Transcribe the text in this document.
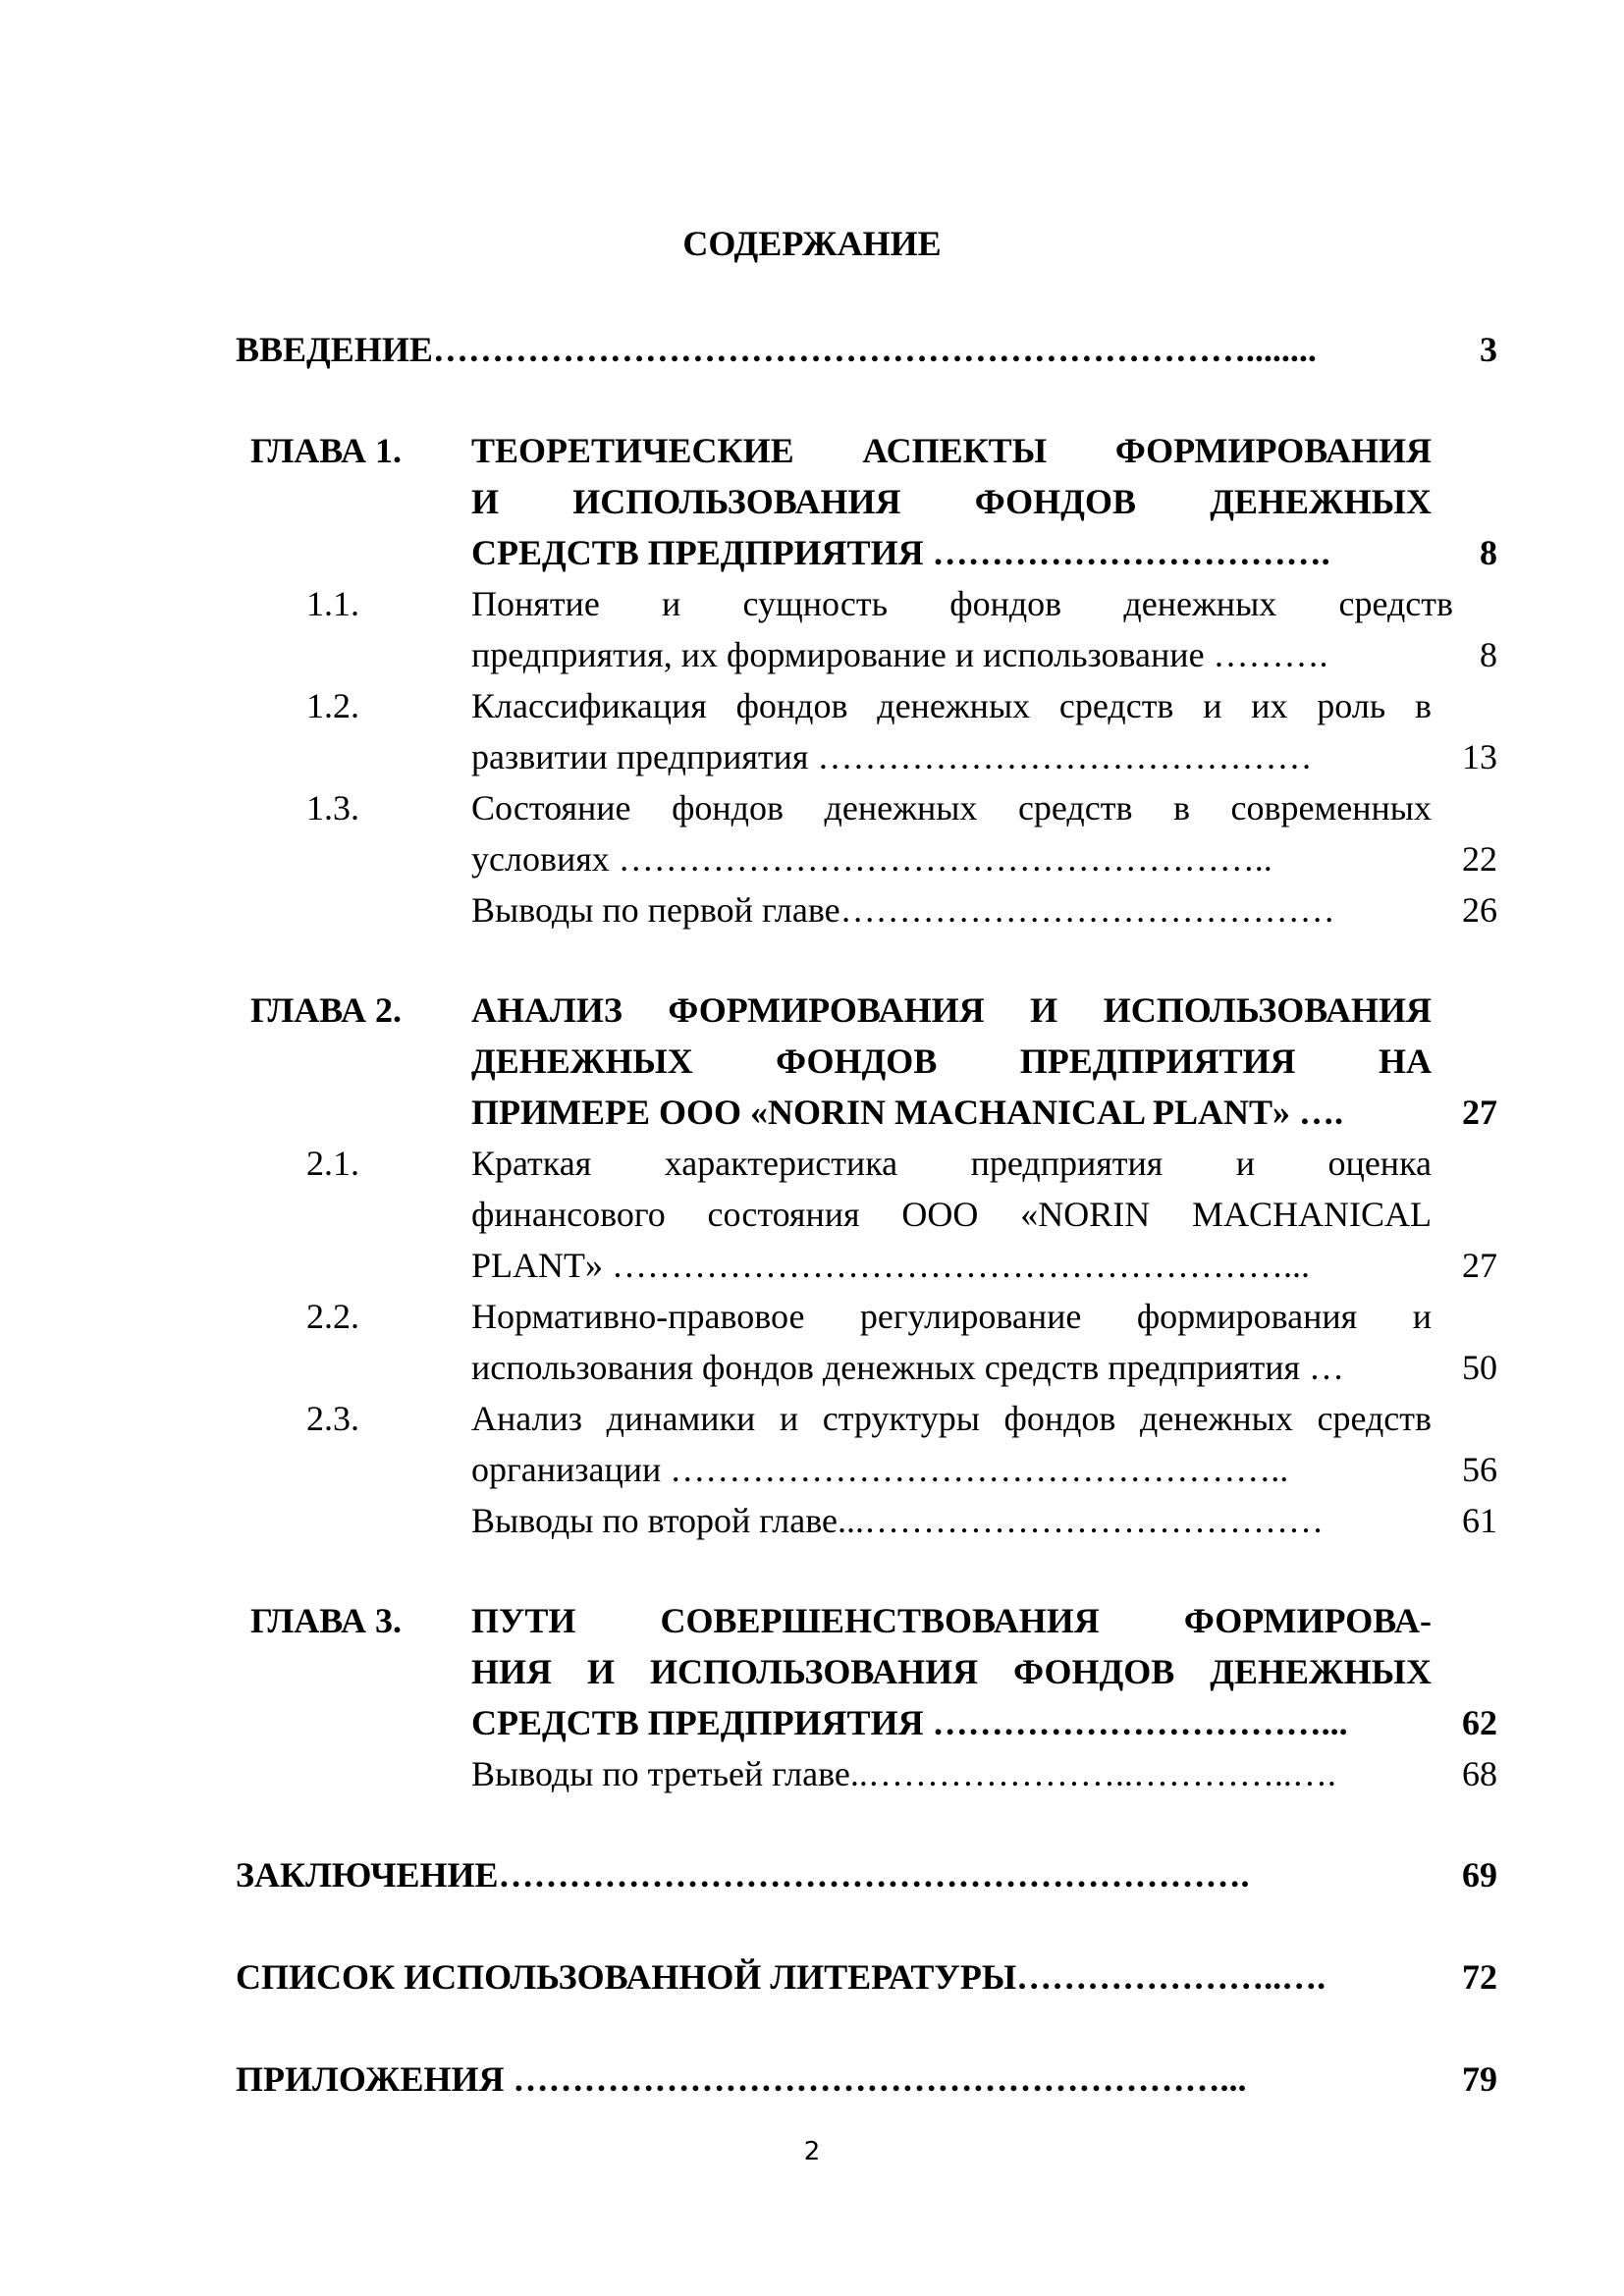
СОДЕРЖАНИЕ
ВВЕДЕНИЕ……………………………………………………………........	3
ГЛАВА 1. ТЕОРЕТИЧЕСКИЕ АСПЕКТЫ ФОРМИРОВАНИЯ
И ИСПОЛЬЗОВАНИЯ ФОНДОВ ДЕНЕЖНЫХ
СРЕДСТВ ПРЕДПРИЯТИЯ …………………………….	8
1.1.	Понятие и сущность фондов денежных средств
предприятия, их формирование и использование ……….	8
1.2.	Классификация фондов денежных средств и их роль в
развитии предприятия ……………………………………	13
1.3.	Состояние фондов денежных средств в современных
условиях ………………………………………………..	22
Выводы по первой главе……………………………………	26
ГЛАВА 2. АНАЛИЗ ФОРМИРОВАНИЯ И ИСПОЛЬЗОВАНИЯ
ДЕНЕЖНЫХ ФОНДОВ ПРЕДПРИЯТИЯ НА
ПРИМЕРЕ ООО «NORIN MACHANICAL PLANT» ….	27
2.1.	Краткая характеристика предприятия и оценка
финансового состояния ООО «NORIN MACHANICAL
PLANT» …………………………………………………...	27
2.2.	Нормативно-правовое регулирование формирования и
использования фондов денежных средств предприятия …	50
2.3.	Анализ динамики и структуры фондов денежных средств
организации ……………………………………………..	56
Выводы по второй главе...…………………………………	61
ГЛАВА 3. ПУТИ СОВЕРШЕНСТВОВАНИЯ ФОРМИРОВА-
НИЯ И ИСПОЛЬЗОВАНИЯ ФОНДОВ ДЕНЕЖНЫХ
СРЕДСТВ ПРЕДПРИЯТИЯ ……………………………...	62
Выводы по третьей главе..…………………..…………..….	68
ЗАКЛЮЧЕНИЕ……………………………………………………….	69
СПИСОК ИСПОЛЬЗОВАННОЙ ЛИТЕРАТУРЫ…………………..….	72
ПРИЛОЖЕНИЯ ……………………………………………………...	79
2
